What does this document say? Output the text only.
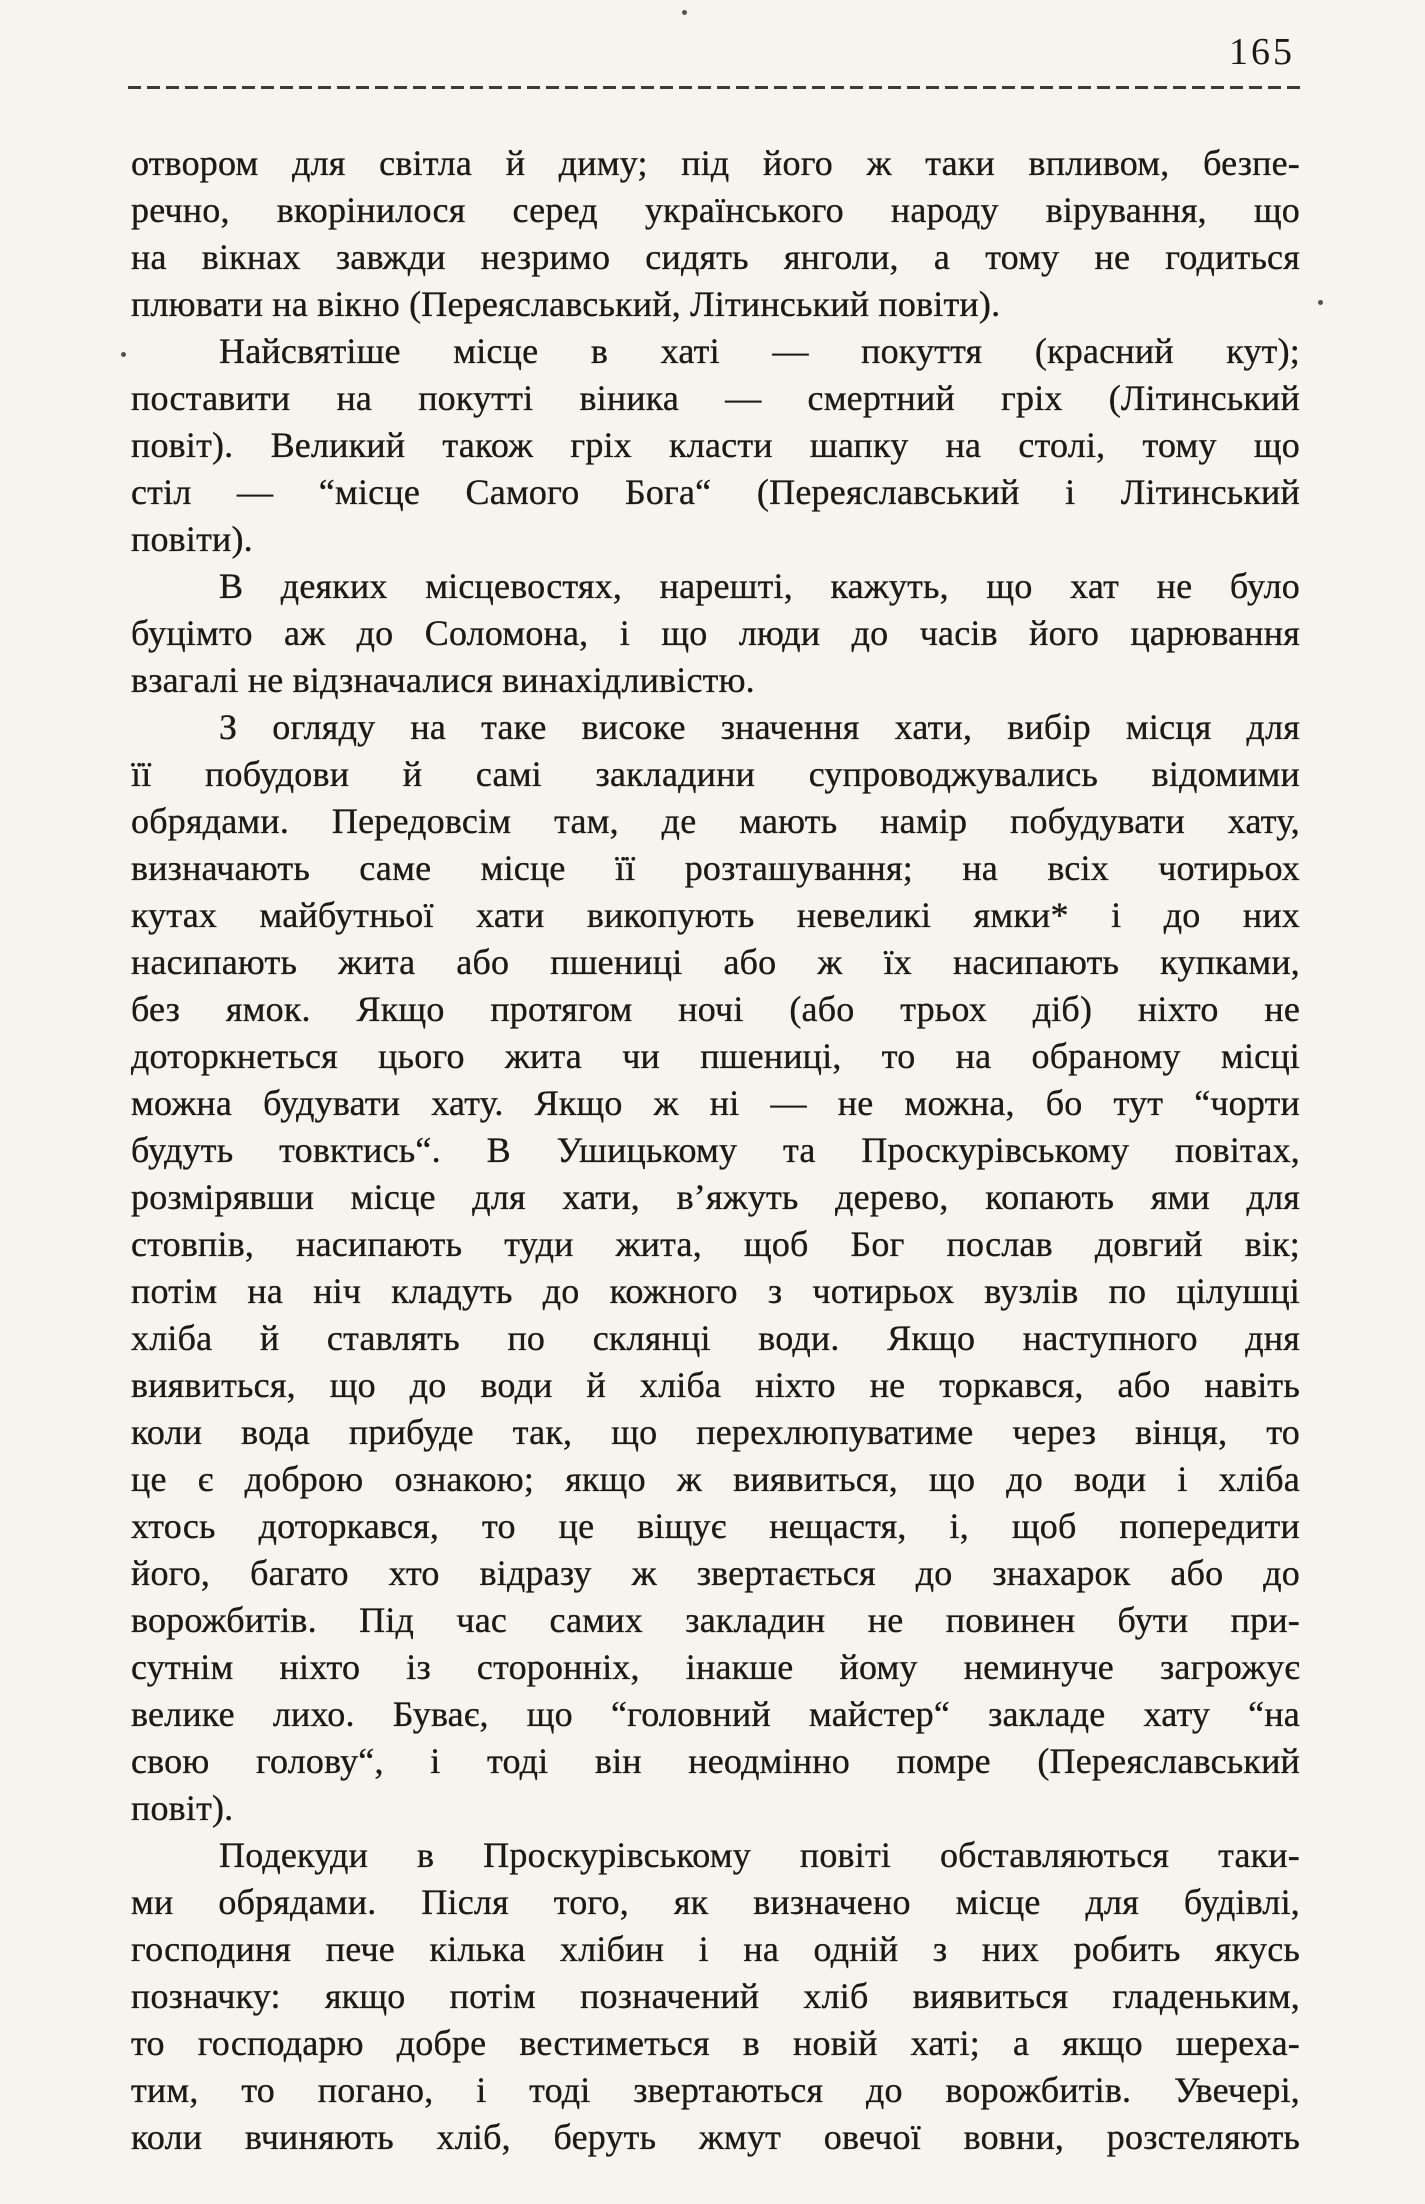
165
отвором для світла й диму; під його ж таки впливом, безпе-
речно, вкорінилося серед українського народу вірування, що
на вікнах завжди незримо сидять янголи, а тому не годиться
плювати на вікно (Переяславський, Літинський повіти).
Найсвятіше місце в хаті — покуття (красний кут);
поставити на покутті віника — смертний гріх (Літинський
повіт). Великий також гріх класти шапку на столі, тому що
стіл — “місце Самого Бога“ (Переяславський і Літинський
повіти).
В деяких місцевостях, нарешті, кажуть, що хат не було
буцімто аж до Соломона, і що люди до часів його царювання
взагалі не відзначалися винахідливістю.
З огляду на таке високе значення хати, вибір місця для
її побудови й самі закладини супроводжувались відомими
обрядами. Передовсім там, де мають намір побудувати хату,
визначають саме місце її розташування; на всіх чотирьох
кутах майбутньої хати викопують невеликі ямки* і до них
насипають жита або пшениці або ж їх насипають купками,
без ямок. Якщо протягом ночі (або трьох діб) ніхто не
доторкнеться цього жита чи пшениці, то на обраному місці
можна будувати хату. Якщо ж ні — не можна, бо тут “чорти
будуть товктись“. В Ушицькому та Проскурівському повітах,
розмірявши місце для хати, в’яжуть дерево, копають ями для
стовпів, насипають туди жита, щоб Бог послав довгий вік;
потім на ніч кладуть до кожного з чотирьох вузлів по цілушці
хліба й ставлять по склянці води. Якщо наступного дня
виявиться, що до води й хліба ніхто не торкався, або навіть
коли вода прибуде так, що перехлюпуватиме через вінця, то
це є доброю ознакою; якщо ж виявиться, що до води і хліба
хтось доторкався, то це віщує нещастя, і, щоб попередити
його, багато хто відразу ж звертається до знахарок або до
ворожбитів. Під час самих закладин не повинен бути при-
сутнім ніхто із сторонніх, інакше йому неминуче загрожує
велике лихо. Буває, що “головний майстер“ закладе хату “на
свою голову“, і тоді він неодмінно помре (Переяславський
повіт).
Подекуди в Проскурівському повіті обставляються таки-
ми обрядами. Після того, як визначено місце для будівлі,
господиня пече кілька хлібин і на одній з них робить якусь
позначку: якщо потім позначений хліб виявиться гладеньким,
то господарю добре вестиметься в новій хаті; а якщо шереха-
тим, то погано, і тоді звертаються до ворожбитів. Увечері,
коли вчиняють хліб, беруть жмут овечої вовни, розстеляють
